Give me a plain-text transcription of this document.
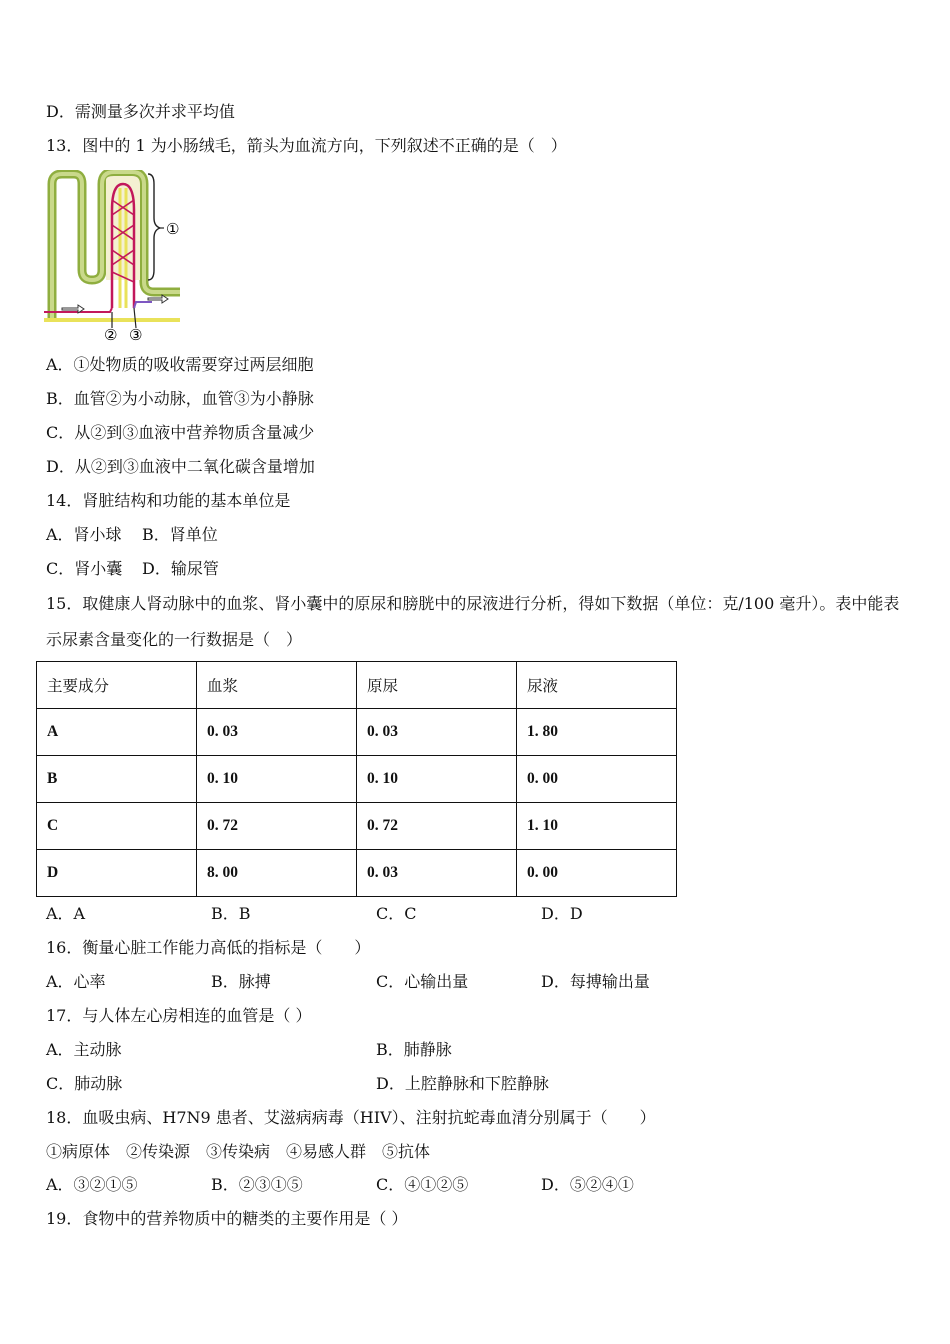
D．需测量多次并求平均值
13．图中的 1 为小肠绒毛，箭头为血流方向，下列叙述不正确的是（　）
①
② ③
A．①处物质的吸收需要穿过两层细胞
B．血管②为小动脉，血管③为小静脉
C．从②到③血液中营养物质含量减少
D．从②到③血液中二氧化碳含量增加
14．肾脏结构和功能的基本单位是
A．肾小球 B．肾单位
C．肾小囊 D．输尿管
15．取健康人肾动脉中的血浆、肾小囊中的原尿和膀胱中的尿液进行分析，得如下数据（单位：克/100 毫升）。表中能表示尿素含量变化的一行数据是（　）
主要成分	血浆	原尿	尿液
A	0. 03	0. 03	1. 80
B	0. 10	0. 10	0. 00
C	0. 72	0. 72	1. 10
D	8. 00	0. 03	0. 00
A．A	B．B	C．C	D．D
16．衡量心脏工作能力高低的指标是（　　）
A．心率	B．脉搏	C．心输出量	D．每搏输出量
17．与人体左心房相连的血管是（ ）
A．主动脉	B．肺静脉
C．肺动脉	D．上腔静脉和下腔静脉
18．血吸虫病、H7N9 患者、艾滋病病毒（HIV）、注射抗蛇毒血清分别属于（　　）
①病原体　②传染源　③传染病　④易感人群　⑤抗体
A．③②①⑤	B．②③①⑤	C．④①②⑤	D．⑤②④①
19．食物中的营养物质中的糖类的主要作用是（ ）
